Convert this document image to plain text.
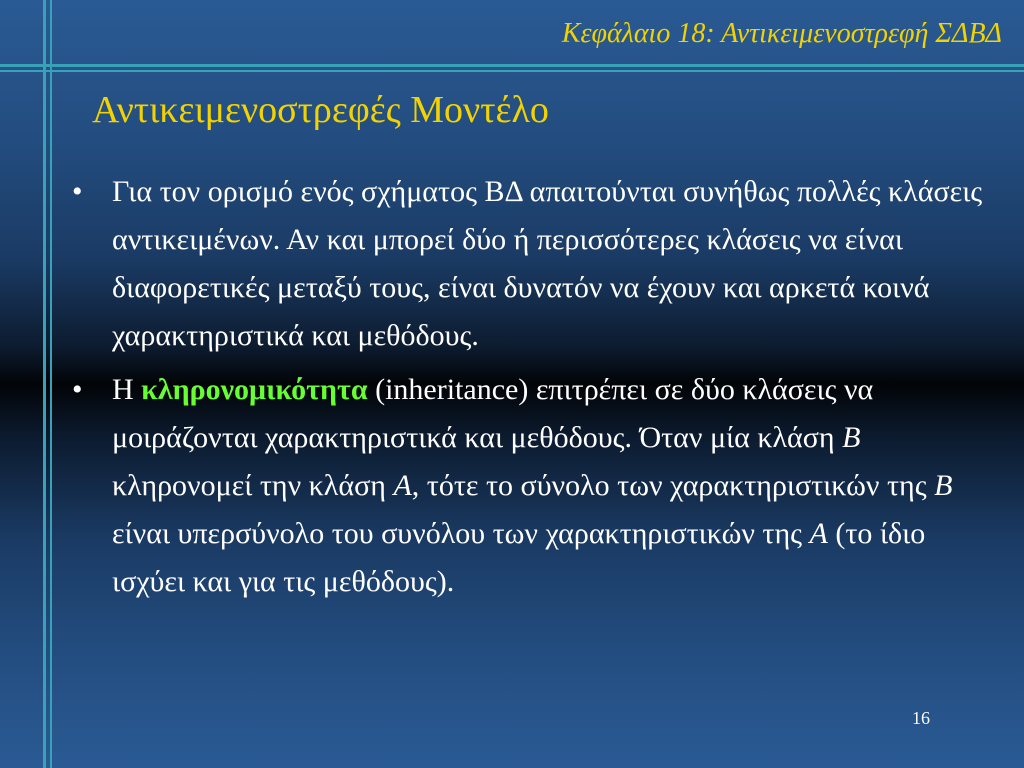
Κεφάλαιο 18: Αντικειμενοστρεφή ΣΔΒΔ
Αντικειμενοστρεφές Μοντέλο
• Για τον ορισμό ενός σχήματος ΒΔ απαιτούνται συνήθως πολλές κλάσεις αντικειμένων. Αν και μπορεί δύο ή περισσότερες κλάσεις να είναι διαφορετικές μεταξύ τους, είναι δυνατόν να έχουν και αρκετά κοινά χαρακτηριστικά και μεθόδους.
• Η κληρονομικότητα (inheritance) επιτρέπει σε δύο κλάσεις να μοιράζονται χαρακτηριστικά και μεθόδους. Όταν μία κλάση Β κληρονομεί την κλάση Α, τότε το σύνολο των χαρακτηριστικών της Β είναι υπερσύνολο του συνόλου των χαρακτηριστικών της Α (το ίδιο ισχύει και για τις μεθόδους).
16
